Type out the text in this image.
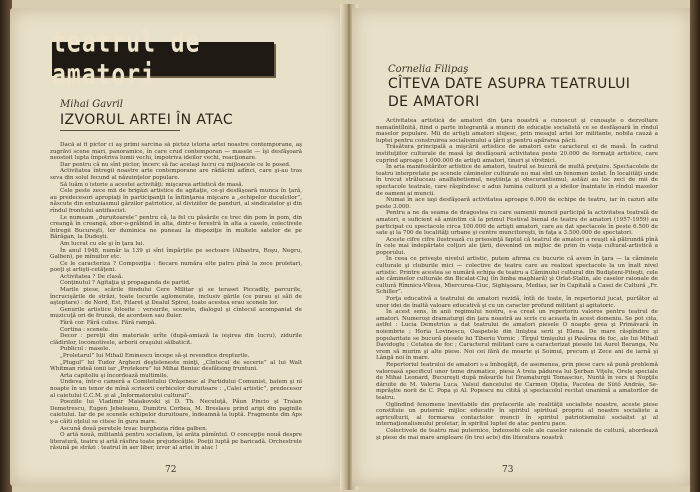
teatrul de amatori
Mihai Gavril
IZVORUL ARTEI ÎN ATAC

Dacă ai fi pictor ci aş primi sarcina să pictez istoria artei noastre contemporane, aş zugrăvi scene mari, panoramice, în care crud contemporan — masele — îşi desfăşoară neostoit lupta împotriva lumii vechi, împotriva ideilor vechi, reacţionare.

Dar pentru că nu sînt pictor, încerc să fac acelaşi lucru cu mijloacele ce le posed.

Activitatea întregii noastre arte contemporane are rădăcini adînci, care şi-au tras seva din solul fecund al năzuinţelor populare.

Să luăm o istorie a acestei activităţi: mişcarea artistică de masă.

Cele peste zece mii de brigăzi artistice de agitaţie, ce-şi desfăşoară munca în ţară, au predecesori apropiaţi în participanţii la înfiinţarea mişcare a „echipelor duculcilor”, născute din entuziasmul gărzilor patriotice, al diviziilor de panduri, al sindicatelor şi din rîndul frontului antifascist.

Le numeam „duruitoarele” pentru că, la fel cu păsările ce trec din pom în pom, din creangă în creangă, zbor-o-grăbind în alta, dintr-o ferestră în alta a casele, colectivele întregii Bucureşti, ler duminica ne puneau la dispoziţie în multele satelor de pe Bărăgan, la Dudeşti.

Am lucrat cu ele şi în ţara lui.

În anul 1948, număr la 139 şi sînt împărţite pe sectoare (Albastru, Roşu, Negru, Galben), pe mînuitor etc.

Ce le caracteriza ? Compoziţia : fiecare număra elte patru pînă la zece proletari, poeţi şi artişti-cetăţeni.

Activitatea ? De clasă.

Conţinutul ? Agitaţia şi propaganda de partid.

Marile piese, scările fiindului Cere Militar şi se teraset Piccadily, parcurile, încrucişările de străzi, toate locurile aglomerate, inclusiv gările (ce purau şi săli de aşteptare) : de Nord, Est, Filaret şi Dealul Spirei, toate acestea erau scenele lor.

Genurile artistice folosite : versurile, scenete, dialogul şi cîntecul acompaniat de muzicuţă ori de frunză, de acordeon sau fluier.

Fără cor. Fără culise. Fără rampă.

Cortina : scenele.

Decor : pereţii din materiale urîte (după-amiază la ieşirea din lucru), zidurile clădirilor, locomotivele, arborii oraşului sălbaticit.

Publicul : masele.

„Proletarul” lui Mihail Eminescu începe să-şi revendice drepturile.

„Plugul” lui Tudor Arghezi deşteleneste minţi, „Cîntecul de secerie” al lui Walt Whitman rideă ionii iar „Protekoru” lui Mihai Beniuc desfătsing fruntuni.

Arta capitoliu şi încordează multimile.

Undeva, într-o cameră a Comitetului Orăşenesc al Partidului Comunist, batem şi ni noapte în un tenor de mînă scrisorii cerbicelor duruitoare : „Calei artistic”, predecesor al caietului C.C.M. şi al „Informatorului cultural”.

Poeziile lui Vladimir Maiakovski şi D. Th. Neculuţă, Păun Pincio şi Traian Demetrescu, Eugen Jebeleanu, Dumitru Corbea, M. Breslasu prind aripi din paginile caietului. Iar de pe scenele echipelor duruitoare, îndeamnă la luptă. Fragmente din Aps ş-a căiti oţelul se citesc în gura mare.

Ascună două peretele treac burghezia rîdea galben.

O artă nouă, militantă pentru socialism, îşi arăta pămîntul. O concepţie nouă despre literatură, teatru şi artă răsfira toate prejudecăţile. Poeţii luptă pe baricadă. Orchestrele răsună pe străzi : teatrul în aer liber, izvor al artei în atac !

72
Cornelia Filipaş
CÎTEVA DATE ASUPRA TEATRULUI
DE AMATORI

Activitatea artistică de amatori din ţara noastră a cunoscut şi cunoaşte o dezvoltare nemaiîntîlnită, fiind o parte integrantă a muncii de educaţie socialistă ce se desfăşoară în rîndul maselor populare. Mii de artişti amatori slujesc, prin mesajul artei lor militante, nobila cauză a luptei pentru construirea socialismului a ţării şi pentru apărarea păcii.

Trăsătura principală a mişcării artistice de amatori este caracterul ei de masă. În cadrul instituţiilor culturale de masă îşi desfăşoară activitatea peste 20.000 de formaţii artistice, care cuprind aproape 1.000.000 de artişti amatori, tineri şi vîrstnici.

În aria manifestărilor artistice de amatori, teatrul se bucură de multă preţuire. Spectacolele de teatru interpretate pe scenele căminelor culturale nu mai sînt un fenomen izolat. În localităţi unde în trecut străluceau analfabetismul, neştiinţa şi obscurantismul, astăzi au loc zeci de mii de spectacole teatrale, care răspîndesc e adus lumina culturii şi a ideilor înaintate în rîndul maselor de oameni ai muncii.

Numai în ace iaşi desfăşoară activitatea aproape 6.000 de echipe de teatru, iar în cazuri alte peste 3.000.

Pentru a ne da seama de dragostea cu care oamenii muncii participă la activitatea teatrală de amatori, e suficient să amintim că la primul Festival bienal de teatru de amatori (1957-1959) au participat cu spectacole circa 100.000 de artişti amatori, care au dat spectacole în peste 6.500 de sate şi la 700 de localităţi urbane şi centre muncitoreşti, în faţa a 3.500.000 de spectatori.

Aceste cifre cifre ilustrează cu prisosinţă faptul că teatrul de amatori a reuşit să pătrundă pînă în cele mai îndepărtate colţuri ale ţării, devenind un mijloc de prim în viaţa cultural-artistică a poporului.

În ceea ce priveşte nivelul artistic, putem afirma cu bucurie că avem în ţara — la căminele culturale şi cluburile mici — colective de teatru care au realizat spectacole la un înalt nivel artistic. Printre acestea se numără echipa de teatru a Căminului cultural din Budişteni-Piteşti, cele ale căminelor culturale din Bicalat-Cluj (în limba maghiară) şi Orlat-Stalin, ale caselor raionale de cultură Rîmnicu-Vîlcea, Miercurea-Ciuc, Sighişoara, Medias, iar în Capitală a Casei de Cultură „Fr. Schiller”.

Forţa educativă a teatrului de amatori rezidă, întîi de toate, în repertoriul jucat, purtător al unor idei de înaltă valoare educativă şi cu un caracter profund militant şi agitatoric.

În acest sens, în anii regimului nostru, s-a creat un repertoriu valoros pentru teatrul de amatori. Numeroşi dramaturgi din ţara noastră au scris cu aceasta în acest domeniu. Se pot cita, astfel : Lucia Demetrius a dat teatrului de amatori piesele O noapte grea şi Primăvară în noiembrie ; Horia Lovinescu, Oaspetele din liniştea serii şi Elena. De mare răspîndire şi popularitate se bucură piesele lui Tiberiu Vornic : Tîrgul timişului şi Pasărea de foc, ale lui Mihail Davidoglu : Cetatea de foc ; Caracterul militant care a caracterizat piesele lui Aurel Baranga, Nu vrem să murim şi alte piese. Noi cei fără de moarte şi Soimul, precum şi Zece ani de iarnă şi Lângă noi în mare.

Repertoriul teatrului de amatori s-a îmbogăţit, de asemenea, prin piese care să pună problemă valoroasă specificul unor teme dramatice, piesa A treia pădurea lui Şerban Viţelu, Orele speciale de Mihai Leonard, Bucureşti după măsurile lui Dramaturgii Tomasciuc, Nuntă în vers şi Nopţile dăruite de M. Valeria Luca, Valsul dancelului de Carmen Oţelia, Pacolea de Sütő András, Se-mprăştie norii de C. Popa şi Al. Popescu nu citită şi spectacolul recitat unanimă a amatorilor de teatru.

Oglindind fenomene inevitabile din prefacerile ale realităţii socialiste noastre, aceste piese constituie un puternic mijloc educativ în spiritul spiritual propriu al noastre socialiste a agriculturii, al formarea contactelor muncii în spiritul patriotismului socialist şi al internaţionalismului proletar, în spiritul luptei de atac pentru pace.

Colectivele de teatru mai puternice, îndeosebi cele ale caselor raionale de cultură, abordează şi piese de mai mare amploare (în trei acte) din literatura noastră

73
